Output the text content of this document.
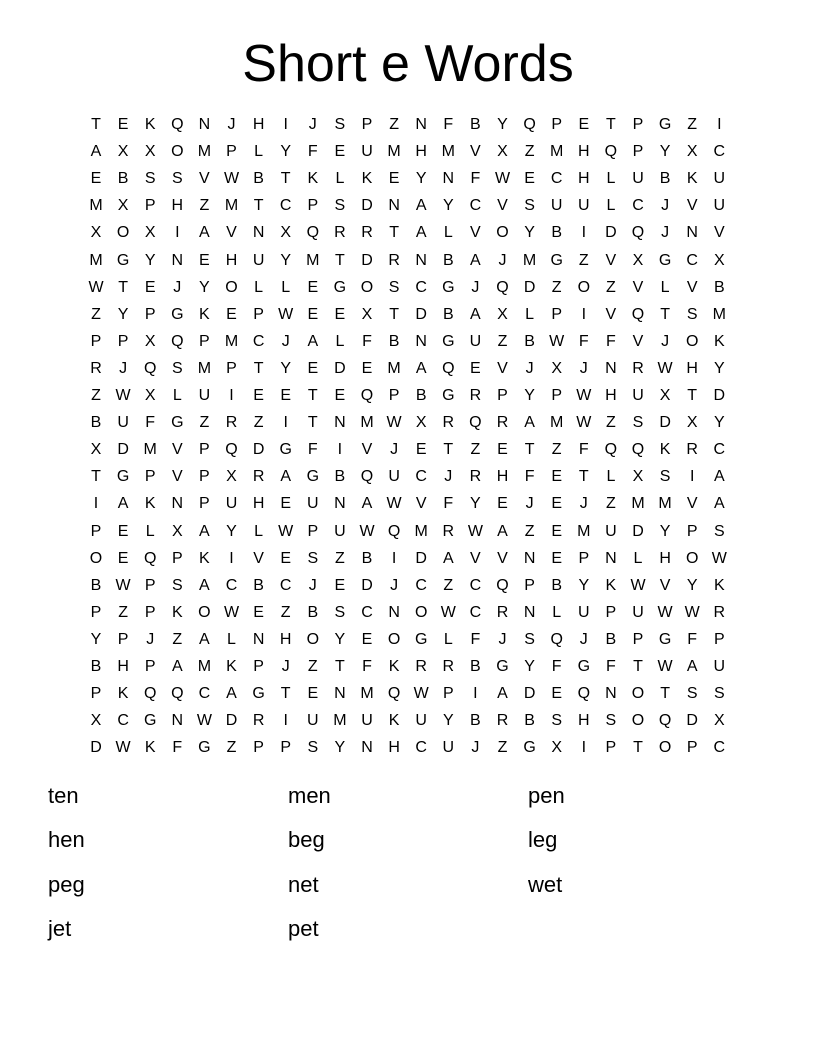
Short e Words
T	E	K Q N	J	H	I	J	S	P	Z	N	F	B	Y Q P	E	T	P G Z	I
A	X	X O M P	L	Y	F	E	U M H M V	X	Z M H Q P	Y	X	C
E	B	S	S	V W B	T	K	L	K	E	Y	N	F W E C H	L	U B	K	U
M X	P	H	Z M T	C P	S	D N A	Y C V	S U U	L	C	J	V	U
X O X	I	A	V N X Q R R	T	A	L	V O Y	B	I	D Q	J	N V
M G Y	N E	H U Y M T	D R N B	A	J	M G	Z	V	X G C X
W T	E	J	Y O	L	L	E G O S C G	J	Q D	Z O Z	V	L	V	B
Z	Y	P G K	E	P W E	E	X	T	D B	A	X	L	P	I	V Q T	S M
P	P	X Q P M C	J	A	L	F	B N G U	Z	B W F	F	V	J	O K
R	J	Q S M P	T	Y	E D E M A Q E	V	J	X	J	N R W H Y
Z W X	L	U	I	E	E	T	E Q P	B G R P	Y	P W H U X	T	D
B U	F G Z	R	Z	I	T	N M W X	R Q R A M W Z	S D X	Y
X D M V	P Q D G	F	I	V	J	E	T	Z	E	T	Z	F Q Q K R C
T G P	V	P	X R A G B Q U C	J	R H	F	E	T	L	X	S	I	A
I	A	K	N P	U H E	U N A W V	F	Y	E	J	E	J	Z M M V	A
P	E	L	X	A	Y	L W P U W Q M R W A	Z	E M U D Y	P	S
O E Q P	K	I	V	E	S	Z	B	I	D A	V	V N E	P N	L	H O W
B W P	S	A	C B C	J	E	D	J	C	Z	C Q P	B	Y	K W V	Y	K
P	Z	P	K O W E	Z	B	S	C N O W C R N	L	U P	U W W R
Y	P	J	Z	A	L	N H O Y	E O G	L	F	J	S Q	J	B	P G F	P
B H P	A M K	P	J	Z	T	F	K R R B G Y	F G F	T W A	U
P	K Q Q C A G T	E N M Q W P	I	A D E Q N O T	S	S
X C G N W D R	I	U M U K U Y	B	R B	S	H S O Q D X
D W K	F G	Z	P	P	S	Y	N H C U	J	Z G X	I	P	T O P	C
ten	men	pen
hen	beg	leg
peg	net	wet
jet	pet
